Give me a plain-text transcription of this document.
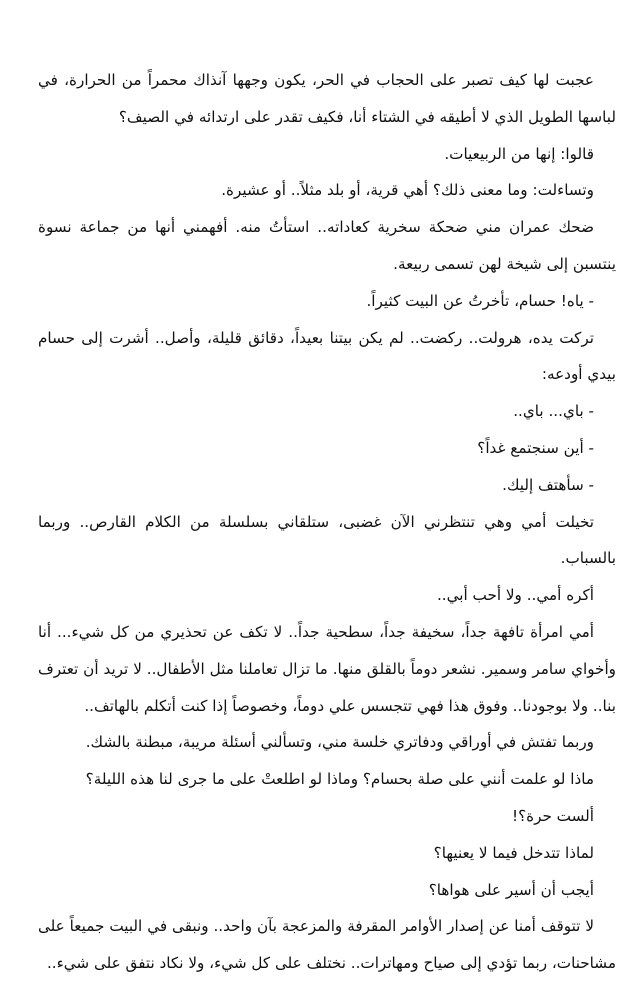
عجبت لها كيف تصبر على الحجاب في الحر، يكون وجهها آنذاك محمراً من الحرارة، في لباسها الطويل الذي لا أطيقه في الشتاء أنا، فكيف تقدر على ارتدائه في الصيف؟

قالوا: إنها من الربيعيات.

وتساءلت: وما معنى ذلك؟ أهي قرية، أو بلد مثلاً.. أو عشيرة.

ضحك عمران مني ضحكة سخرية كعاداته.. استأتُ منه. أفهمني أنها من جماعة نسوة ينتسبن إلى شيخة لهن تسمى ربيعة.

- ياه! حسام، تأخرتُ عن البيت كثيراً.

تركت يده، هرولت.. ركضت.. لم يكن بيتنا بعيداً، دقائق قليلة، وأصل.. أشرت إلى حسام بيدي أودعه:

- باي... باي..

- أين سنجتمع غداً؟

- سأهتف إليك.

تخيلت أمي وهي تنتظرني الآن غضبى، ستلقاني بسلسلة من الكلام القارص.. وربما بالسباب.

أكره أمي.. ولا أحب أبي..

أمي امرأة تافهة جداً، سخيفة جداً، سطحية جداً.. لا تكف عن تحذيري من كل شيء... أنا وأخواي سامر وسمير. نشعر دوماً بالقلق منها. ما تزال تعاملنا مثل الأطفال.. لا تريد أن تعترف بنا.. ولا بوجودنا.. وفوق هذا فهي تتجسس علي دوماً، وخصوصاً إذا كنت أتكلم بالهاتف..

وربما تفتش في أوراقي ودفاتري خلسة مني، وتسألني أسئلة مريبة، مبطنة بالشك.

ماذا لو علمت أنني على صلة بحسام؟ وماذا لو اطلعتْ على ما جرى لنا هذه الليلة؟

ألست حرة؟!

لماذا تتدخل فيما لا يعنيها؟

أيجب أن أسير على هواها؟

لا تتوقف أمنا عن إصدار الأوامر المقرفة والمزعجة بآن واحد.. ونبقى في البيت جميعاً على مشاحنات، ربما تؤدي إلى صياح ومهاترات.. نختلف على كل شيء، ولا نكاد نتفق على شيء..
